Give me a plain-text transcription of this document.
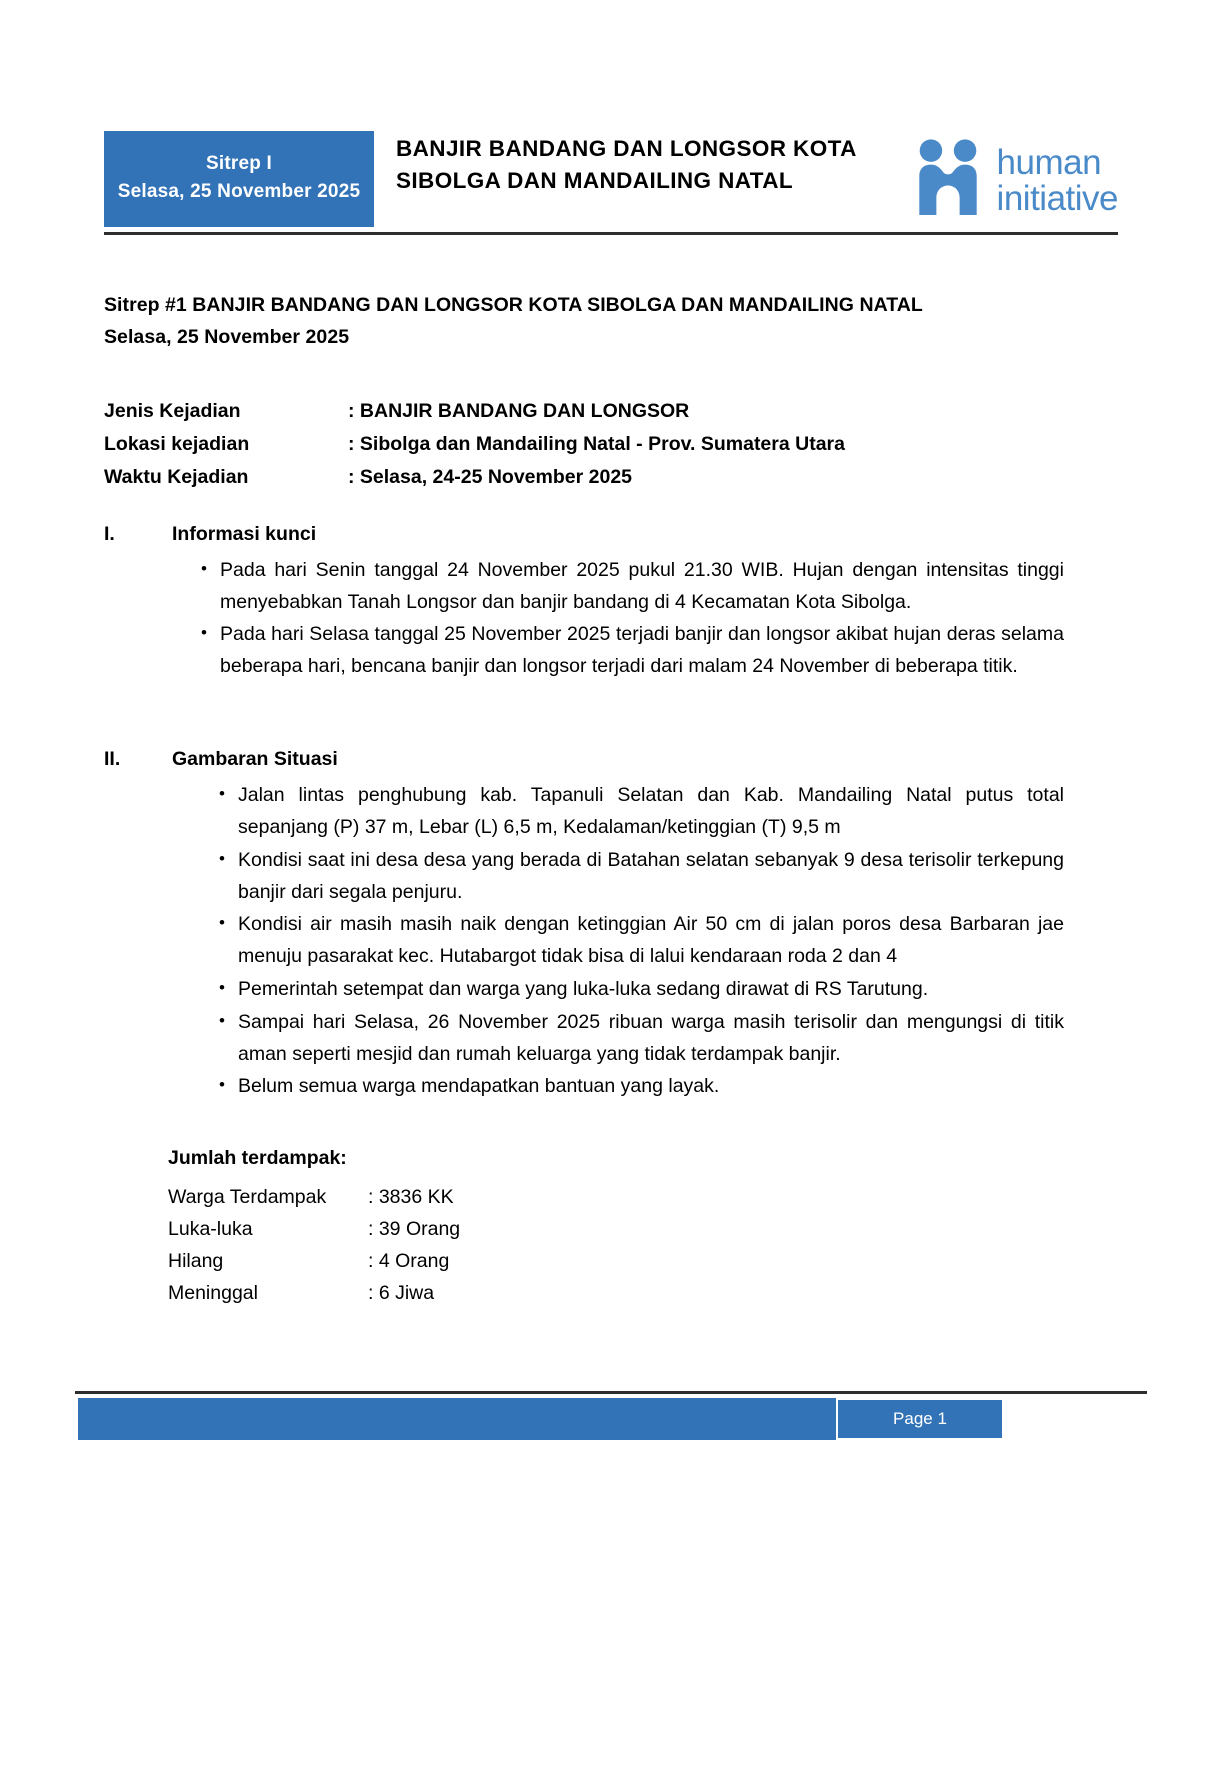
Sitrep I
Selasa, 25 November 2025
BANJIR BANDANG DAN LONGSOR KOTA SIBOLGA DAN MANDAILING NATAL	human
initiative
Sitrep #1 BANJIR BANDANG DAN LONGSOR KOTA SIBOLGA DAN MANDAILING NATAL
Selasa, 25 November 2025
Jenis Kejadian	: BANJIR BANDANG DAN LONGSOR
Lokasi kejadian	: Sibolga dan Mandailing Natal - Prov. Sumatera Utara
Waktu Kejadian	: Selasa, 24-25 November 2025
I.	Informasi kunci
• Pada hari Senin tanggal 24 November 2025 pukul 21.30 WIB. Hujan dengan intensitas tinggi menyebabkan Tanah Longsor dan banjir bandang di 4 Kecamatan Kota Sibolga.
• Pada hari Selasa tanggal 25 November 2025 terjadi banjir dan longsor akibat hujan deras selama beberapa hari, bencana banjir dan longsor terjadi dari malam 24 November di beberapa titik.
II.	Gambaran Situasi
• Jalan lintas penghubung kab. Tapanuli Selatan dan Kab. Mandailing Natal putus total sepanjang (P) 37 m, Lebar (L) 6,5 m, Kedalaman/ketinggian (T) 9,5 m
• Kondisi saat ini desa desa yang berada di Batahan selatan sebanyak 9 desa terisolir terkepung banjir dari segala penjuru.
• Kondisi air masih masih naik dengan ketinggian Air 50 cm di jalan poros desa Barbaran jae menuju pasarakat kec. Hutabargot tidak bisa di lalui kendaraan roda 2 dan 4
• Pemerintah setempat dan warga yang luka-luka sedang dirawat di RS Tarutung.
• Sampai hari Selasa, 26 November 2025 ribuan warga masih terisolir dan mengungsi di titik aman seperti mesjid dan rumah keluarga yang tidak terdampak banjir.
• Belum semua warga mendapatkan bantuan yang layak.
Jumlah terdampak:
Warga Terdampak	: 3836 KK
Luka-luka	: 39 Orang
Hilang	: 4 Orang
Meninggal	: 6 Jiwa
Page 1
